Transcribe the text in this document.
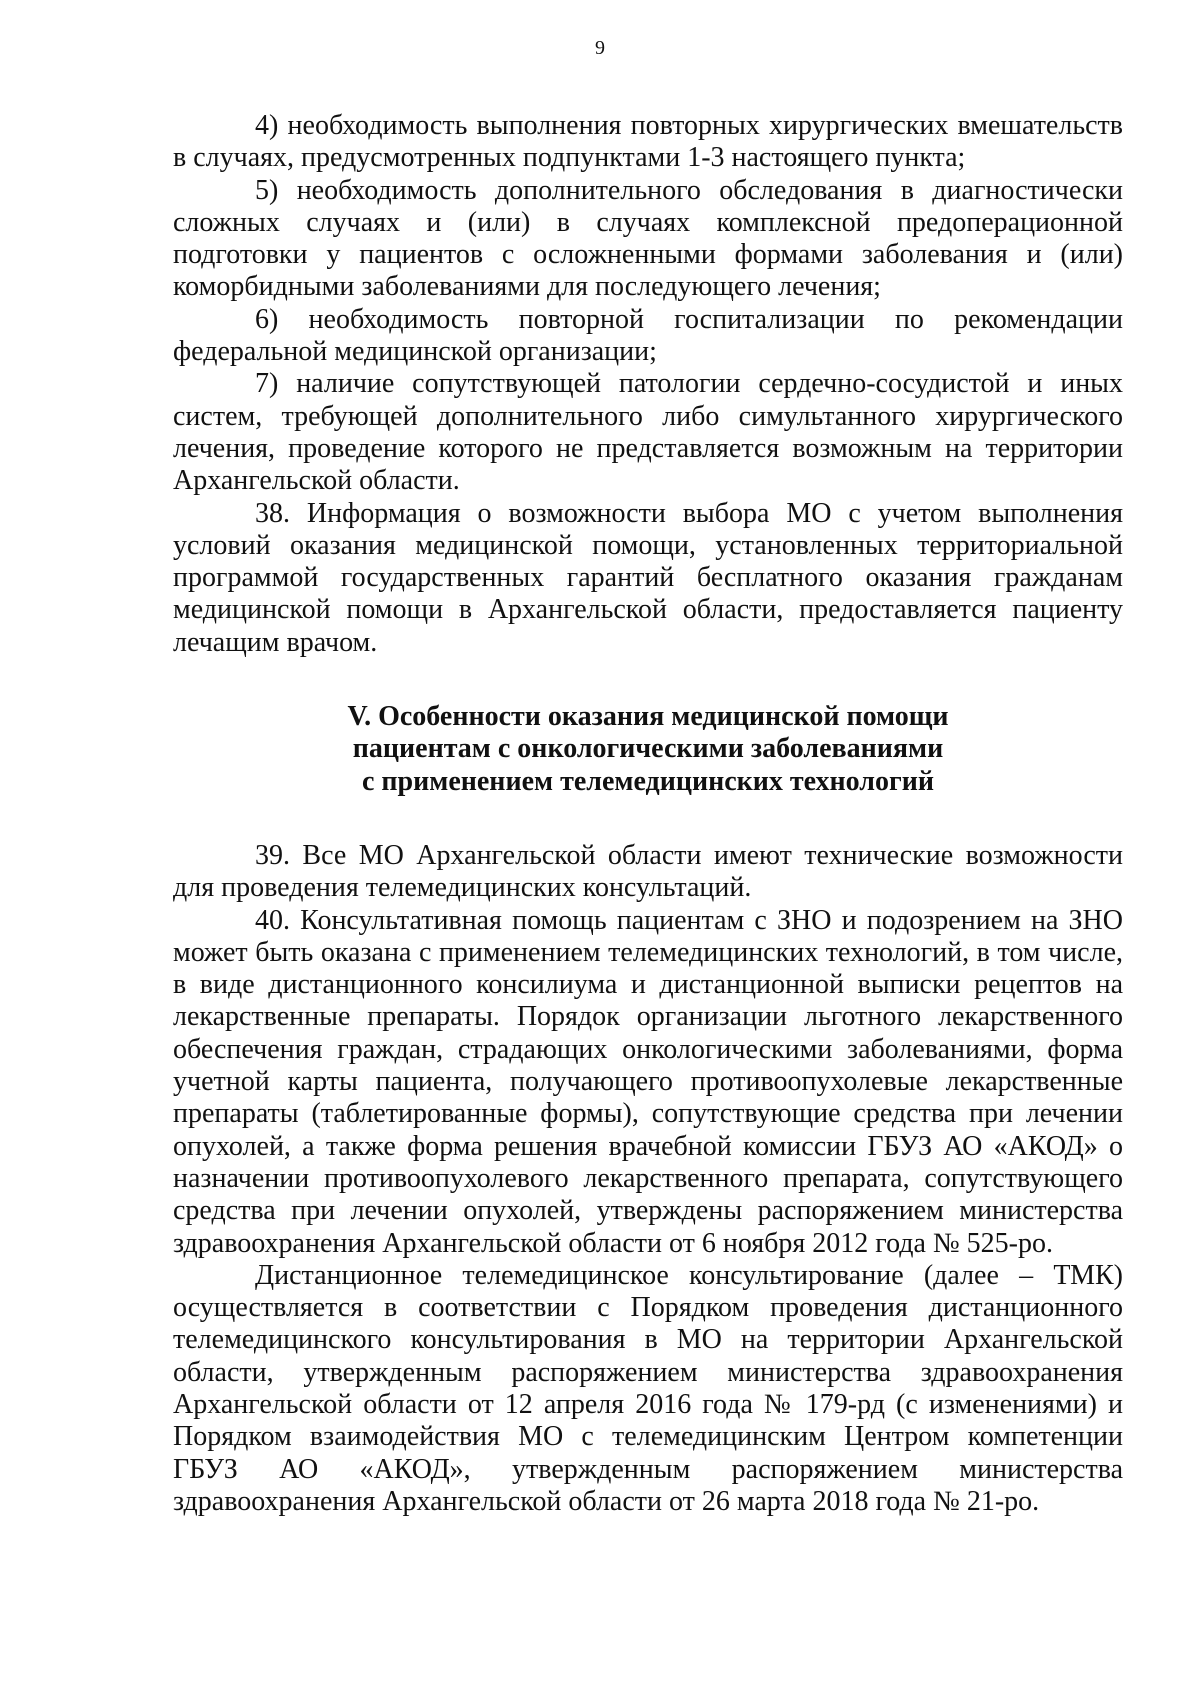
9

4) необходимость выполнения повторных хирургических вмешательств в случаях, предусмотренных подпунктами 1-3 настоящего пункта;

5) необходимость дополнительного обследования в диагностически сложных случаях и (или) в случаях комплексной предоперационной подготовки у пациентов с осложненными формами заболевания и (или) коморбидными заболеваниями для последующего лечения;

6) необходимость повторной госпитализации по рекомендации федеральной медицинской организации;

7) наличие сопутствующей патологии сердечно-сосудистой и иных систем, требующей дополнительного либо симультанного хирургического лечения, проведение которого не представляется возможным на территории Архангельской области.

38. Информация о возможности выбора МО с учетом выполнения условий оказания медицинской помощи, установленных территориальной программой государственных гарантий бесплатного оказания гражданам медицинской помощи в Архангельской области, предоставляется пациенту лечащим врачом.

V. Особенности оказания медицинской помощи
пациентам с онкологическими заболеваниями
с применением телемедицинских технологий

39. Все МО Архангельской области имеют технические возможности для проведения телемедицинских консультаций.

40. Консультативная помощь пациентам с ЗНО и подозрением на ЗНО может быть оказана с применением телемедицинских технологий, в том числе, в виде дистанционного консилиума и дистанционной выписки рецептов на лекарственные препараты. Порядок организации льготного лекарственного обеспечения граждан, страдающих онкологическими заболеваниями, форма учетной карты пациента, получающего противоопухолевые лекарственные препараты (таблетированные формы), сопутствующие средства при лечении опухолей, а также форма решения врачебной комиссии ГБУЗ АО «АКОД» о назначении противоопухолевого лекарственного препарата, сопутствующего средства при лечении опухолей, утверждены распоряжением министерства здравоохранения Архангельской области от 6 ноября 2012 года № 525-ро.

Дистанционное телемедицинское консультирование (далее – ТМК) осуществляется в соответствии с Порядком проведения дистанционного телемедицинского консультирования в МО на территории Архангельской области, утвержденным распоряжением министерства здравоохранения Архангельской области от 12 апреля 2016 года № 179-рд (с изменениями) и Порядком взаимодействия МО с телемедицинским Центром компетенции ГБУЗ АО «АКОД», утвержденным распоряжением министерства здравоохранения Архангельской области от 26 марта 2018 года № 21-ро.
